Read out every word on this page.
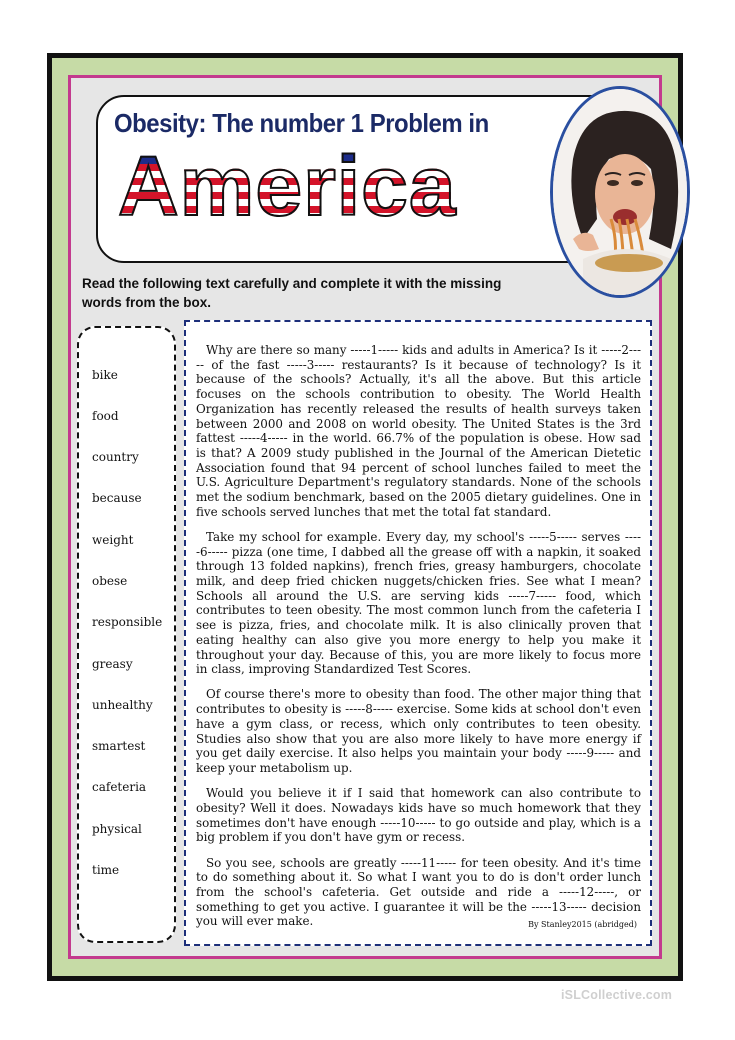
Obesity: The number 1 Problem in
America
Read the following text carefully and complete it with the missing words from the box.
bike
food
country
because
weight
obese
responsible
greasy
unhealthy
smartest
cafeteria
physical
time

Why are there so many -----1----- kids and adults in America? Is it -----2----- of the fast -----3----- restaurants? Is it because of technology? Is it because of the schools? Actually, it's all the above. But this article focuses on the schools contribution to obesity. The World Health Organization has recently released the results of health surveys taken between 2000 and 2008 on world obesity. The United States is the 3rd fattest -----4----- in the world. 66.7% of the population is obese. How sad is that? A 2009 study published in the Journal of the American Dietetic Association found that 94 percent of school lunches failed to meet the U.S. Agriculture Department's regulatory standards. None of the schools met the sodium benchmark, based on the 2005 dietary guidelines. One in five schools served lunches that met the total fat standard.

Take my school for example. Every day, my school's -----5----- serves -----6----- pizza (one time, I dabbed all the grease off with a napkin, it soaked through 13 folded napkins), french fries, greasy hamburgers, chocolate milk, and deep fried chicken nuggets/chicken fries. See what I mean? Schools all around the U.S. are serving kids -----7----- food, which contributes to teen obesity. The most common lunch from the cafeteria I see is pizza, fries, and chocolate milk. It is also clinically proven that eating healthy can also give you more energy to help you make it throughout your day. Because of this, you are more likely to focus more in class, improving Standardized Test Scores.

Of course there's more to obesity than food. The other major thing that contributes to obesity is -----8----- exercise. Some kids at school don't even have a gym class, or recess, which only contributes to teen obesity. Studies also show that you are also more likely to have more energy if you get daily exercise. It also helps you maintain your body -----9----- and keep your metabolism up.

Would you believe it if I said that homework can also contribute to obesity? Well it does. Nowadays kids have so much homework that they sometimes don't have enough -----10----- to go outside and play, which is a big problem if you don't have gym or recess.

So you see, schools are greatly -----11----- for teen obesity. And it's time to do something about it. So what I want you to do is don't order lunch from the school's cafeteria. Get outside and ride a -----12-----, or something to get you active. I guarantee it will be the -----13----- decision you will ever make.	By Stanley2015 (abridged)

iSLCollective.com
